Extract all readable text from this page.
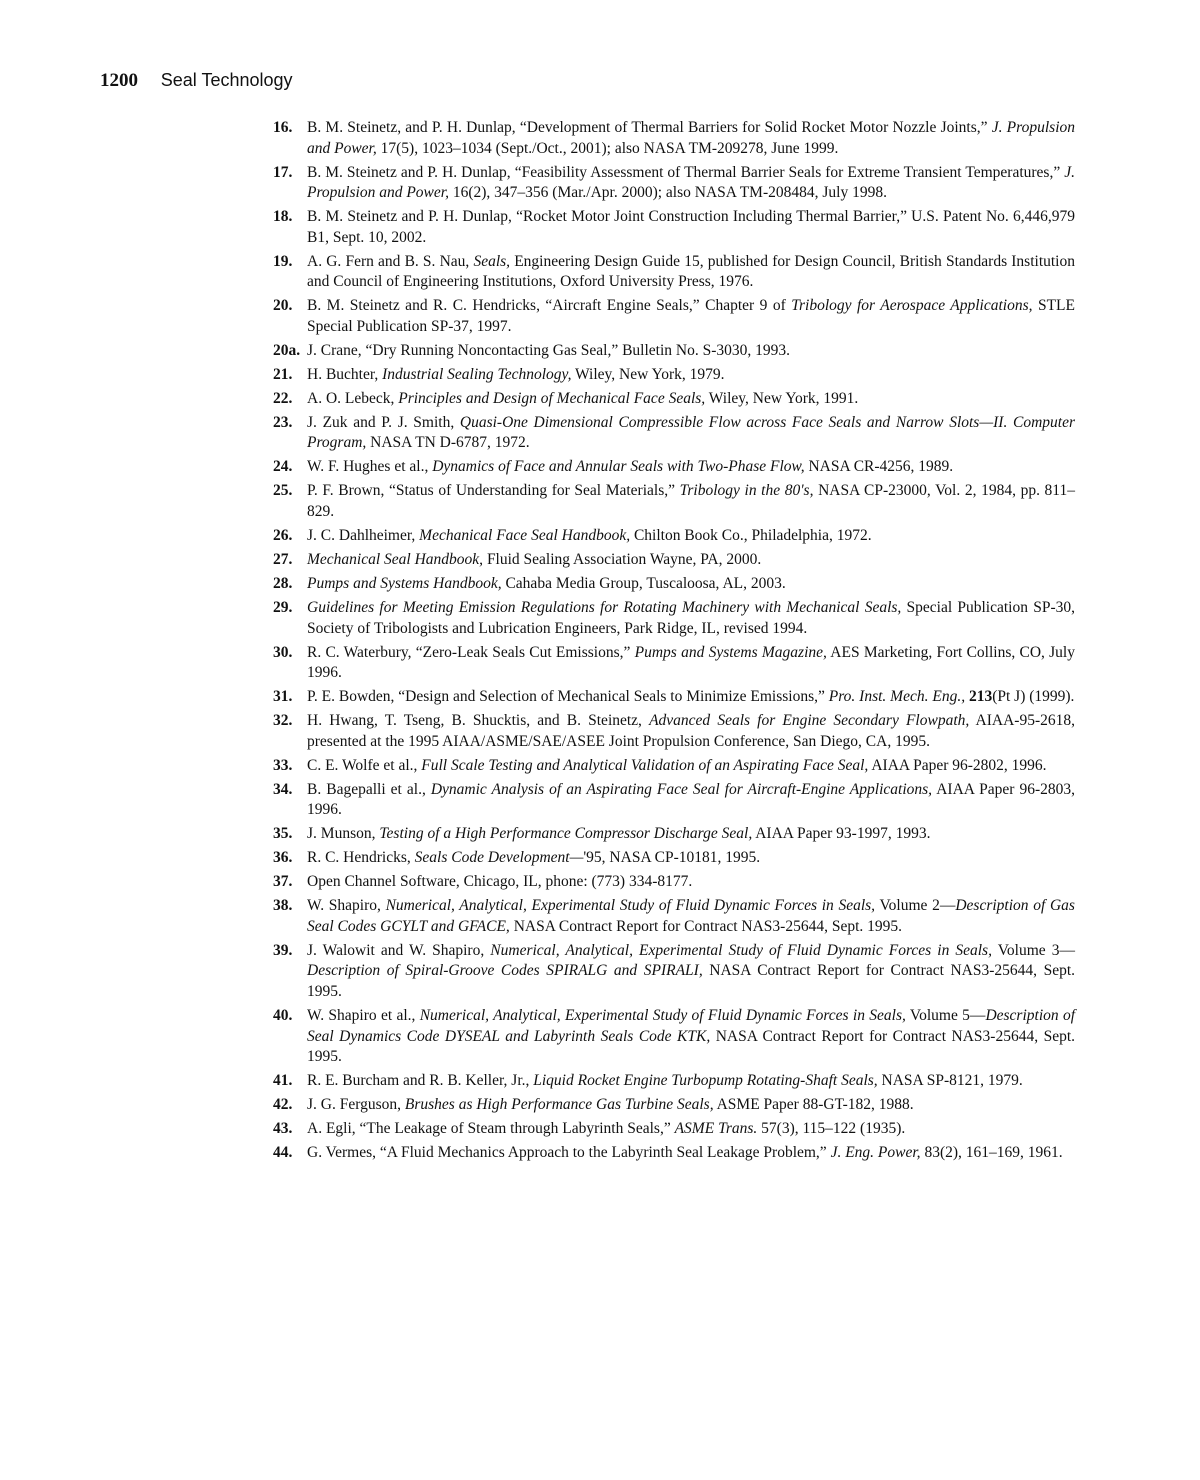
1200 Seal Technology
16. B. M. Steinetz, and P. H. Dunlap, “Development of Thermal Barriers for Solid Rocket Motor Nozzle Joints,” J. Propulsion and Power, 17(5), 1023–1034 (Sept./Oct., 2001); also NASA TM-209278, June 1999.
17. B. M. Steinetz and P. H. Dunlap, “Feasibility Assessment of Thermal Barrier Seals for Extreme Transient Temperatures,” J. Propulsion and Power, 16(2), 347–356 (Mar./Apr. 2000); also NASA TM-208484, July 1998.
18. B. M. Steinetz and P. H. Dunlap, “Rocket Motor Joint Construction Including Thermal Barrier,” U.S. Patent No. 6,446,979 B1, Sept. 10, 2002.
19. A. G. Fern and B. S. Nau, Seals, Engineering Design Guide 15, published for Design Council, British Standards Institution and Council of Engineering Institutions, Oxford University Press, 1976.
20. B. M. Steinetz and R. C. Hendricks, “Aircraft Engine Seals,” Chapter 9 of Tribology for Aerospace Applications, STLE Special Publication SP-37, 1997.
20a. J. Crane, “Dry Running Noncontacting Gas Seal,” Bulletin No. S-3030, 1993.
21. H. Buchter, Industrial Sealing Technology, Wiley, New York, 1979.
22. A. O. Lebeck, Principles and Design of Mechanical Face Seals, Wiley, New York, 1991.
23. J. Zuk and P. J. Smith, Quasi-One Dimensional Compressible Flow across Face Seals and Narrow Slots—II. Computer Program, NASA TN D-6787, 1972.
24. W. F. Hughes et al., Dynamics of Face and Annular Seals with Two-Phase Flow, NASA CR-4256, 1989.
25. P. F. Brown, “Status of Understanding for Seal Materials,” Tribology in the 80's, NASA CP-23000, Vol. 2, 1984, pp. 811–829.
26. J. C. Dahlheimer, Mechanical Face Seal Handbook, Chilton Book Co., Philadelphia, 1972.
27. Mechanical Seal Handbook, Fluid Sealing Association Wayne, PA, 2000.
28. Pumps and Systems Handbook, Cahaba Media Group, Tuscaloosa, AL, 2003.
29. Guidelines for Meeting Emission Regulations for Rotating Machinery with Mechanical Seals, Special Publication SP-30, Society of Tribologists and Lubrication Engineers, Park Ridge, IL, revised 1994.
30. R. C. Waterbury, “Zero-Leak Seals Cut Emissions,” Pumps and Systems Magazine, AES Marketing, Fort Collins, CO, July 1996.
31. P. E. Bowden, “Design and Selection of Mechanical Seals to Minimize Emissions,” Pro. Inst. Mech. Eng., 213(Pt J) (1999).
32. H. Hwang, T. Tseng, B. Shucktis, and B. Steinetz, Advanced Seals for Engine Secondary Flowpath, AIAA-95-2618, presented at the 1995 AIAA/ASME/SAE/ASEE Joint Propulsion Conference, San Diego, CA, 1995.
33. C. E. Wolfe et al., Full Scale Testing and Analytical Validation of an Aspirating Face Seal, AIAA Paper 96-2802, 1996.
34. B. Bagepalli et al., Dynamic Analysis of an Aspirating Face Seal for Aircraft-Engine Applications, AIAA Paper 96-2803, 1996.
35. J. Munson, Testing of a High Performance Compressor Discharge Seal, AIAA Paper 93-1997, 1993.
36. R. C. Hendricks, Seals Code Development—'95, NASA CP-10181, 1995.
37. Open Channel Software, Chicago, IL, phone: (773) 334-8177.
38. W. Shapiro, Numerical, Analytical, Experimental Study of Fluid Dynamic Forces in Seals, Volume 2—Description of Gas Seal Codes GCYLT and GFACE, NASA Contract Report for Contract NAS3-25644, Sept. 1995.
39. J. Walowit and W. Shapiro, Numerical, Analytical, Experimental Study of Fluid Dynamic Forces in Seals, Volume 3—Description of Spiral-Groove Codes SPIRALG and SPIRALI, NASA Contract Report for Contract NAS3-25644, Sept. 1995.
40. W. Shapiro et al., Numerical, Analytical, Experimental Study of Fluid Dynamic Forces in Seals, Volume 5—Description of Seal Dynamics Code DYSEAL and Labyrinth Seals Code KTK, NASA Contract Report for Contract NAS3-25644, Sept. 1995.
41. R. E. Burcham and R. B. Keller, Jr., Liquid Rocket Engine Turbopump Rotating-Shaft Seals, NASA SP-8121, 1979.
42. J. G. Ferguson, Brushes as High Performance Gas Turbine Seals, ASME Paper 88-GT-182, 1988.
43. A. Egli, “The Leakage of Steam through Labyrinth Seals,” ASME Trans. 57(3), 115–122 (1935).
44. G. Vermes, “A Fluid Mechanics Approach to the Labyrinth Seal Leakage Problem,” J. Eng. Power, 83(2), 161–169, 1961.
